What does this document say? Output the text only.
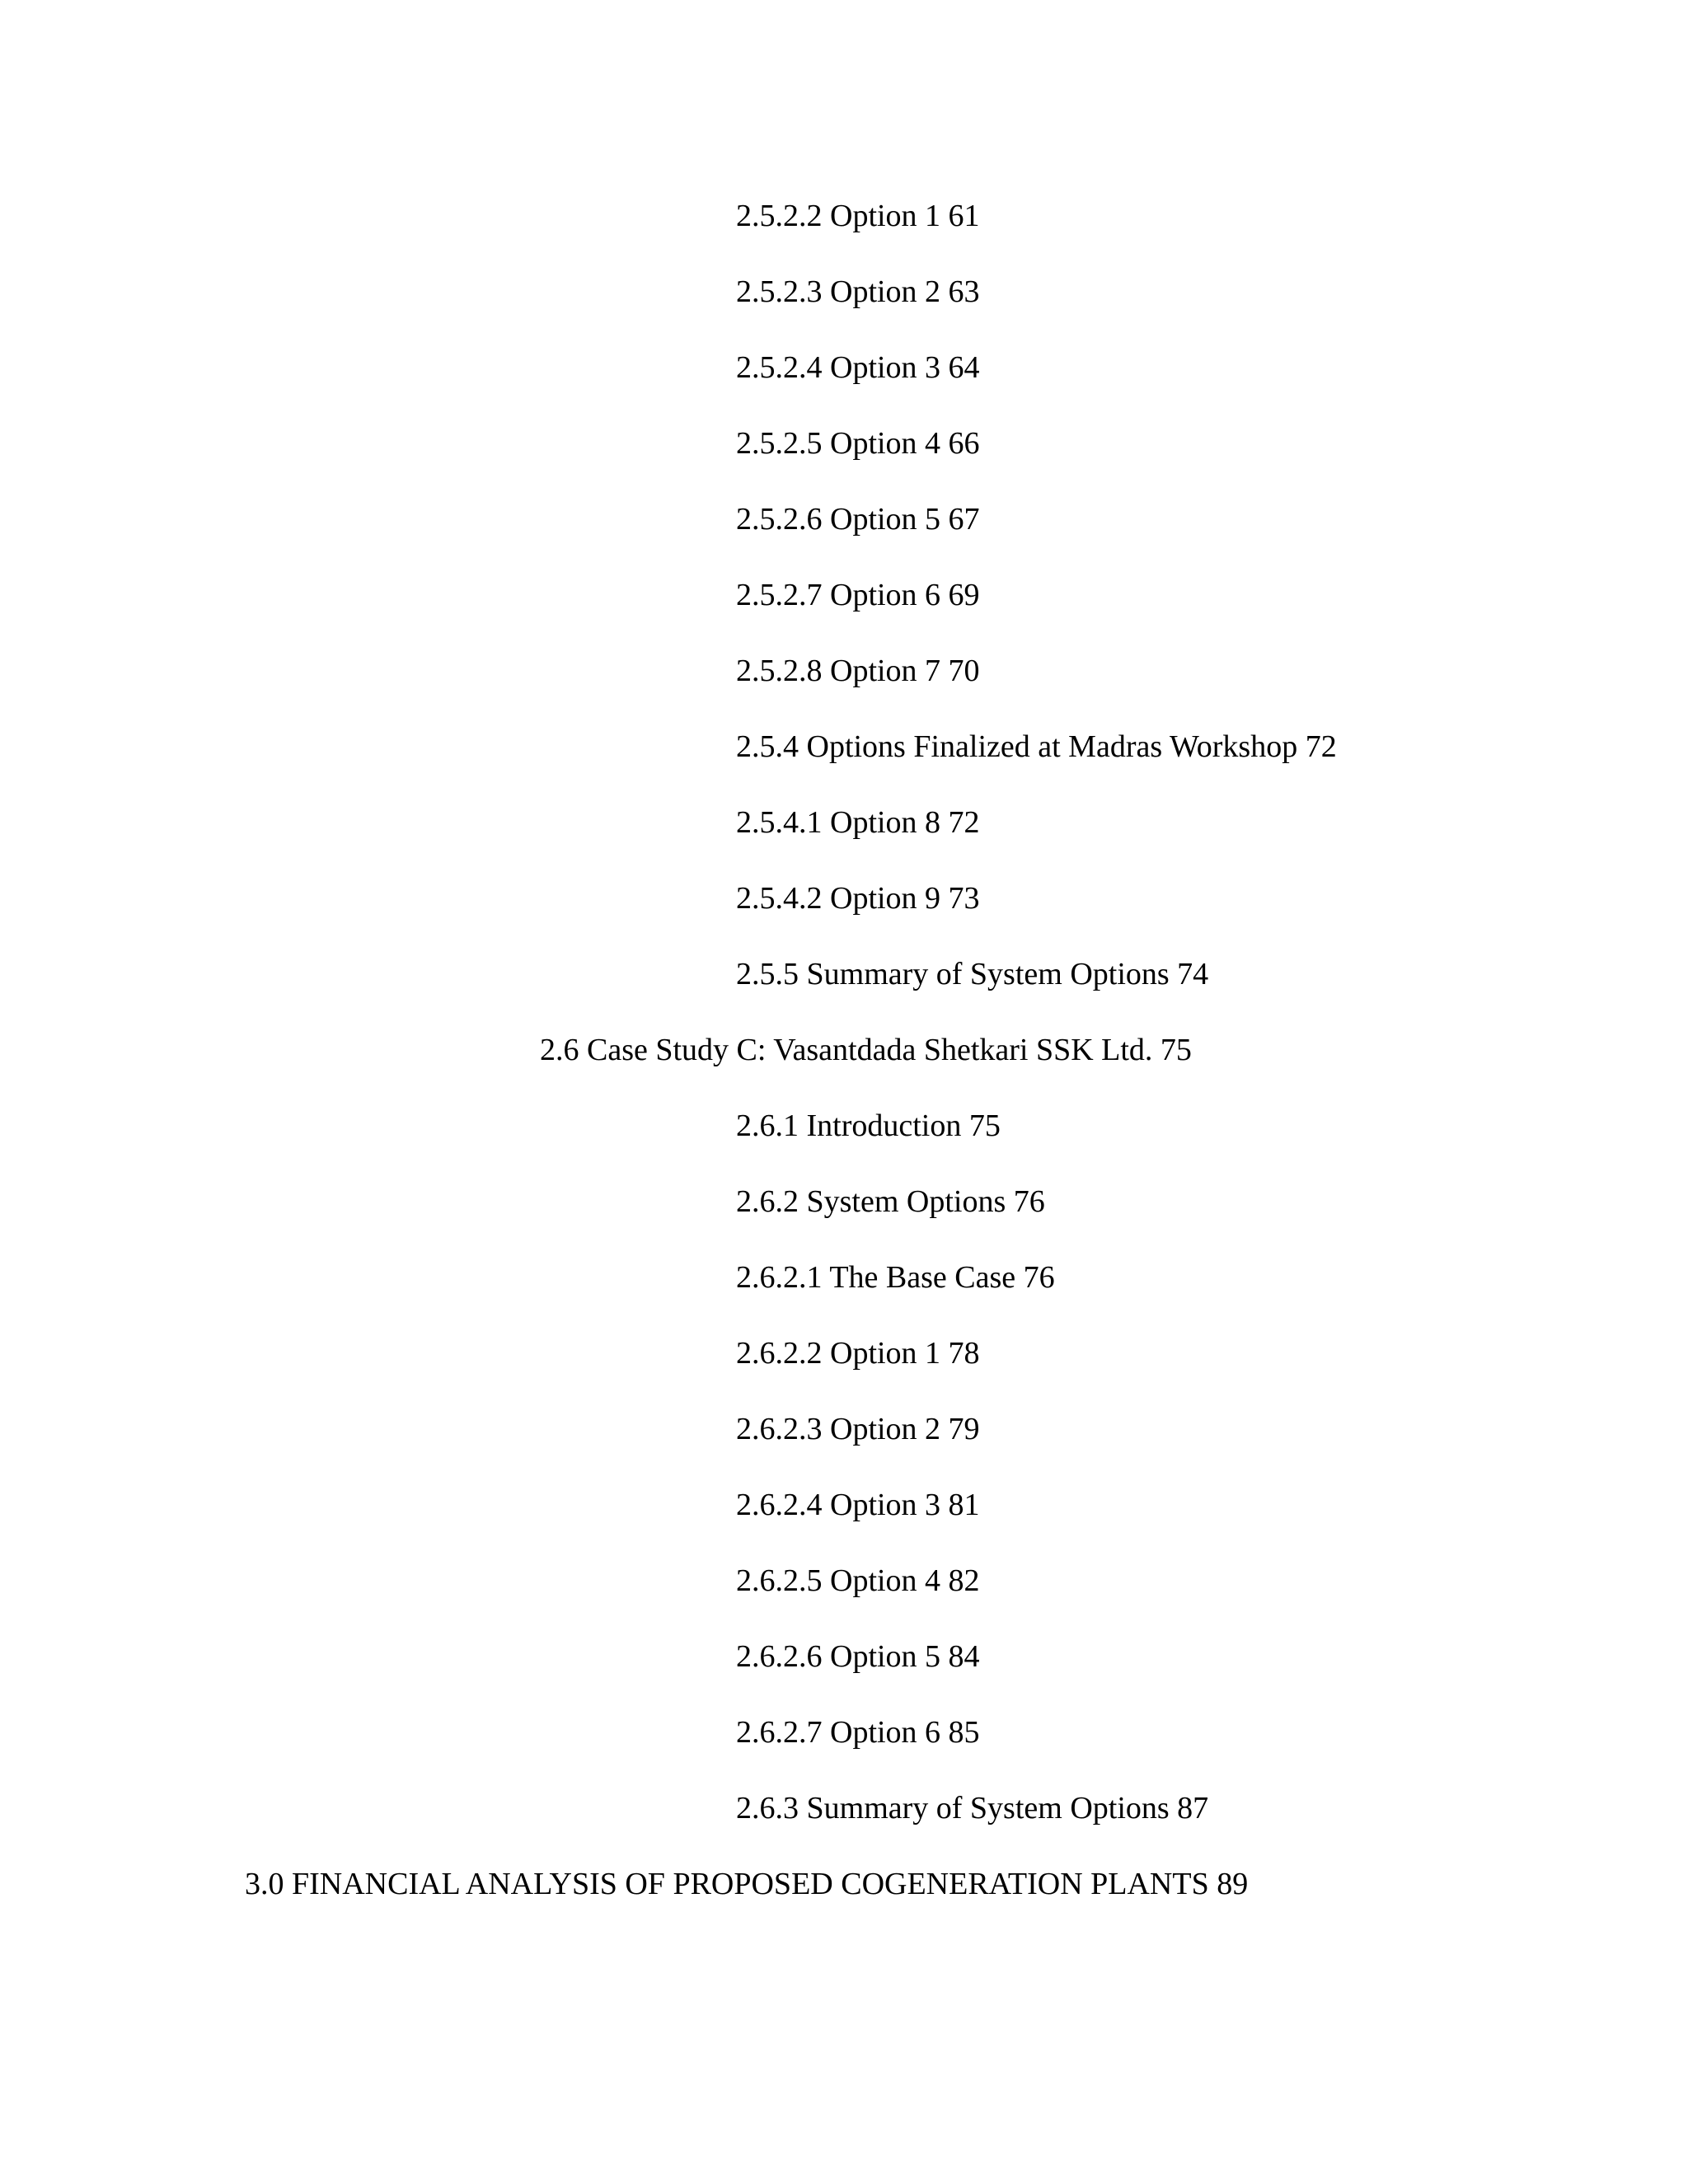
2.5.2.2 Option 1 61

2.5.2.3 Option 2 63

2.5.2.4 Option 3 64

2.5.2.5 Option 4 66

2.5.2.6 Option 5 67

2.5.2.7 Option 6 69

2.5.2.8 Option 7 70

2.5.4 Options Finalized at Madras Workshop 72

2.5.4.1 Option 8 72

2.5.4.2 Option 9 73

2.5.5 Summary of System Options 74

2.6 Case Study C: Vasantdada Shetkari SSK Ltd. 75

2.6.1 Introduction 75

2.6.2 System Options 76

2.6.2.1 The Base Case 76

2.6.2.2 Option 1 78

2.6.2.3 Option 2 79

2.6.2.4 Option 3 81

2.6.2.5 Option 4 82

2.6.2.6 Option 5 84

2.6.2.7 Option 6 85

2.6.3 Summary of System Options 87

3.0 FINANCIAL ANALYSIS OF PROPOSED COGENERATION PLANTS 89
